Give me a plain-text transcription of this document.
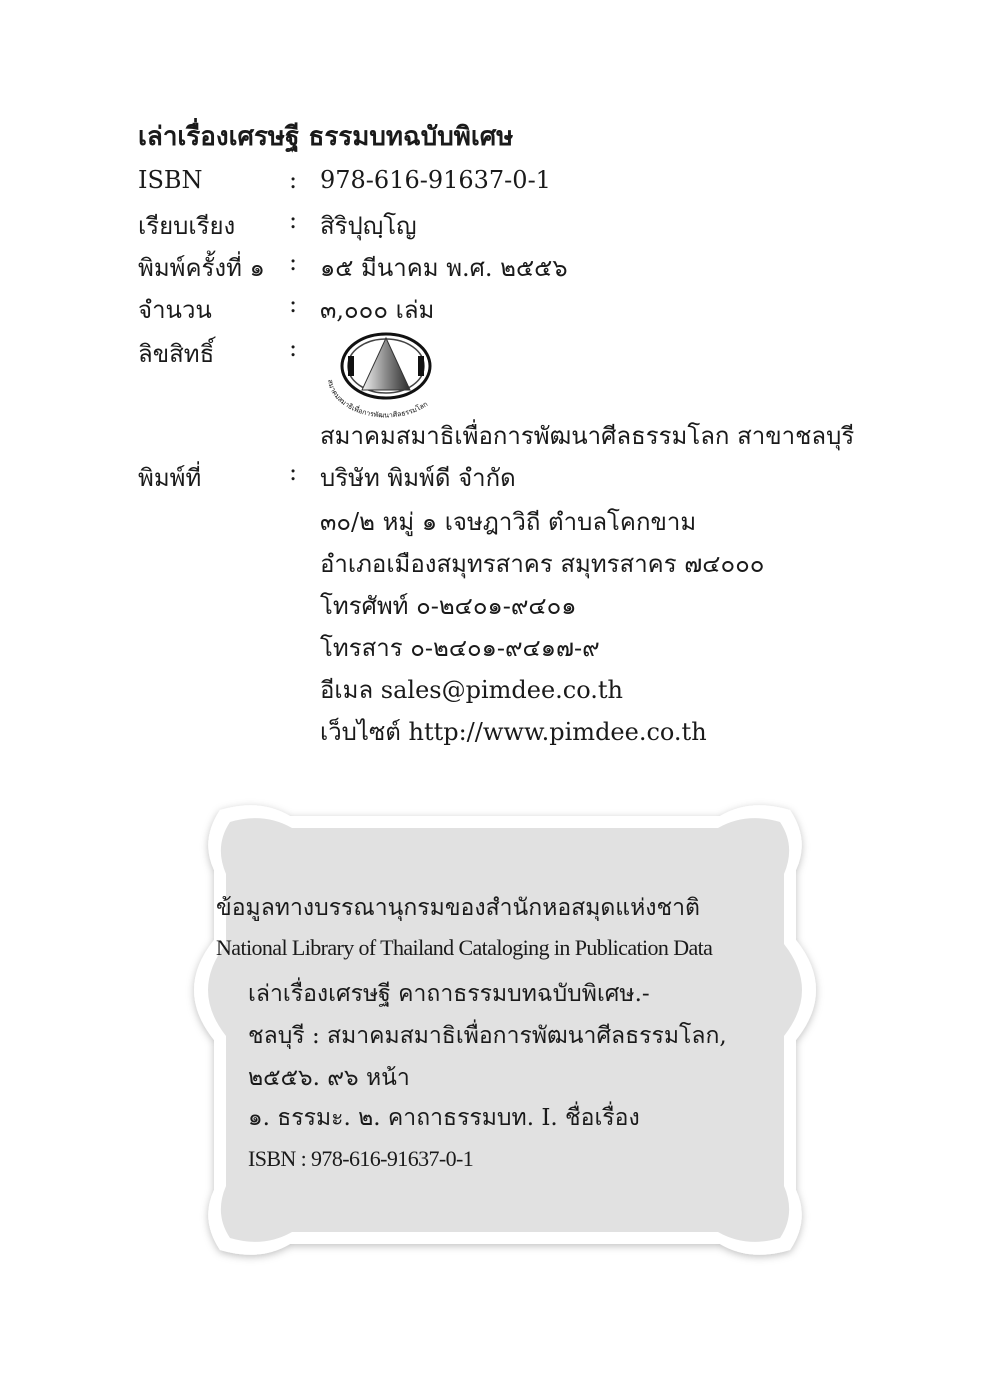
เล่าเรื่องเศรษฐี ธรรมบทฉบับพิเศษ
ISBN	: 978-616-91637-0-1
เรียบเรียง : สิริปุญฺโญ
พิมพ์ครั้งที่ ๑ : ๑๕ มีนาคม พ.ศ. ๒๕๕๖
จำนวน	: ๓,๐๐๐ เล่ม
ลิขสิทธิ์	:
สมาคมสมาธิเพื่อการพัฒนาศีลธรรมโลก
สมาคมสมาธิเพื่อการพัฒนาศีลธรรมโลก สาขาชลบุรี
พิมพ์ที่	: บริษัท พิมพ์ดี จำกัด
๓๐/๒ หมู่ ๑ เจษฎาวิถี ตำบลโคกขาม
อำเภอเมืองสมุทรสาคร สมุทรสาคร ๗๔๐๐๐
โทรศัพท์ ๐-๒๔๐๑-๙๔๐๑
โทรสาร ๐-๒๔๐๑-๙๔๑๗-๙
อีเมล sales@pimdee.co.th
เว็บไซต์ http://www.pimdee.co.th
ข้อมูลทางบรรณานุกรมของสำนักหอสมุดแห่งชาติ
National Library of Thailand Cataloging in Publication Data
เล่าเรื่องเศรษฐี คาถาธรรมบทฉบับพิเศษ.-
ชลบุรี : สมาคมสมาธิเพื่อการพัฒนาศีลธรรมโลก,
๒๕๕๖. ๙๖ หน้า
๑. ธรรมะ. ๒. คาถาธรรมบท. I. ชื่อเรื่อง
ISBN : 978-616-91637-0-1
